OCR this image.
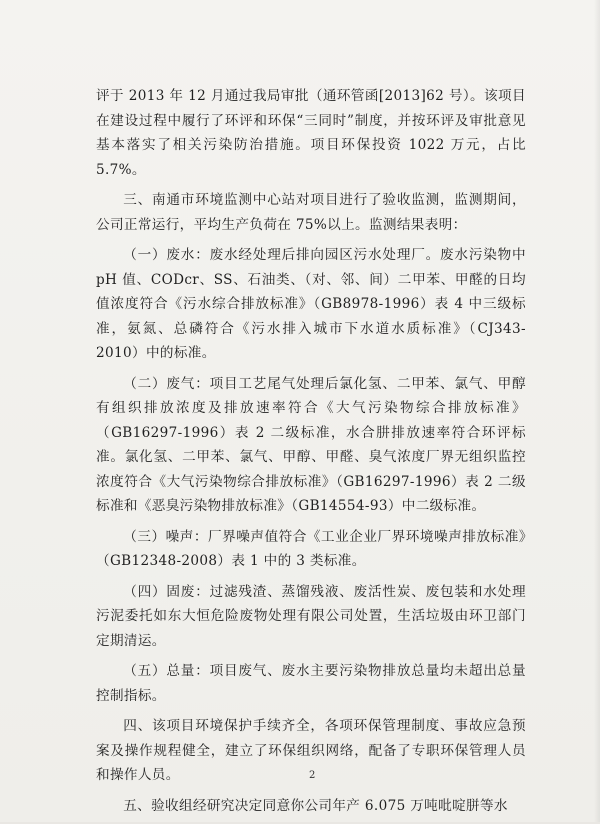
评于 2013 年 12 月通过我局审批（通环管函[2013]62 号）。该项目在建设过程中履行了环评和环保“三同时”制度，并按环评及审批意见基本落实了相关污染防治措施。项目环保投资 1022 万元，占比 5.7%。

三、南通市环境监测中心站对项目进行了验收监测，监测期间，公司正常运行，平均生产负荷在 75%以上。监测结果表明：

（一）废水：废水经处理后排向园区污水处理厂。废水污染物中 pH 值、CODcr、SS、石油类、（对、邻、间）二甲苯、甲醛的日均值浓度符合《污水综合排放标准》（GB8978-1996）表 4 中三级标准，氨氮、总磷符合《污水排入城市下水道水质标准》（CJ343-2010）中的标准。

（二）废气：项目工艺尾气处理后氯化氢、二甲苯、氯气、甲醇有组织排放浓度及排放速率符合《大气污染物综合排放标准》（GB16297-1996）表 2 二级标准，水合肼排放速率符合环评标准。氯化氢、二甲苯、氯气、甲醇、甲醛、臭气浓度厂界无组织监控浓度符合《大气污染物综合排放标准》（GB16297-1996）表 2 二级标准和《恶臭污染物排放标准》（GB14554-93）中二级标准。

（三）噪声：厂界噪声值符合《工业企业厂界环境噪声排放标准》（GB12348-2008）表 1 中的 3 类标准。

（四）固废：过滤残渣、蒸馏残液、废活性炭、废包装和水处理污泥委托如东大恒危险废物处理有限公司处置，生活垃圾由环卫部门定期清运。

（五）总量：项目废气、废水主要污染物排放总量均未超出总量控制指标。

四、该项目环境保护手续齐全，各项环保管理制度、事故应急预案及操作规程健全，建立了环保组织网络，配备了专职环保管理人员和操作人员。

五、验收组经研究决定同意你公司年产 6.075 万吨吡啶胼等水

2
